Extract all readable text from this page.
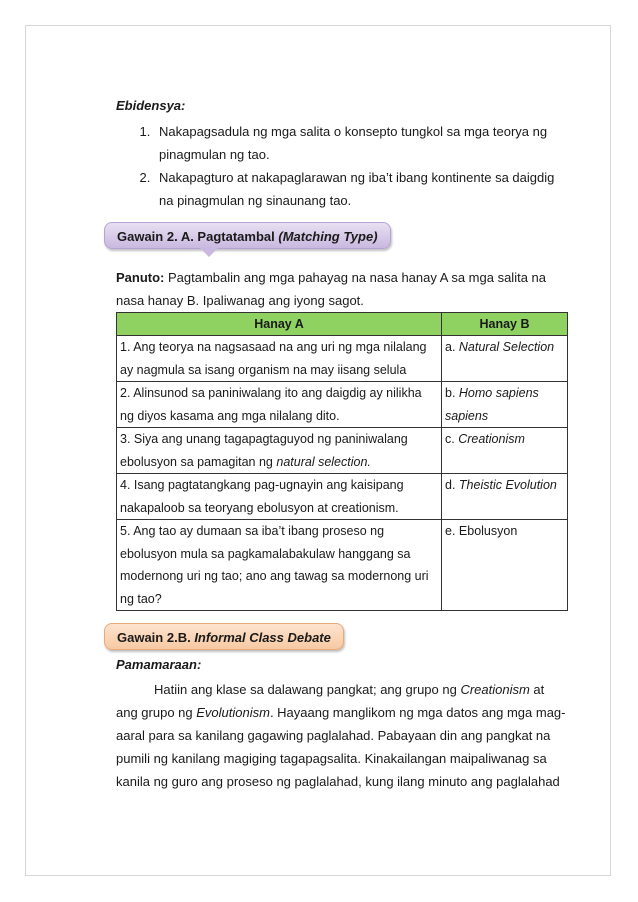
Ebidensya:

1. Nakapagsadula ng mga salita o konsepto tungkol sa mga teorya ng pinagmulan ng tao.
2. Nakapagturo at nakapaglarawan ng iba’t ibang kontinente sa daigdig na pinagmulan ng sinaunang tao.
Gawain 2. A. Pagtatambal (Matching Type)

Panuto: Pagtambalin ang mga pahayag na nasa hanay A sa mga salita na nasa hanay B. Ipaliwanag ang iyong sagot.

Hanay A	Hanay B
1. Ang teorya na nagsasaad na ang uri ng mga nilalang ay nagmula sa isang organism na may iisang selula	a. Natural Selection
2. Alinsunod sa paniniwalang ito ang daigdig ay nilikha ng diyos kasama ang mga nilalang dito.	b. Homo sapiens sapiens
3. Siya ang unang tagapagtaguyod ng paniniwalang ebolusyon sa pamagitan ng natural selection.	c. Creationism
4. Isang pagtatangkang pag-ugnayin ang kaisipang nakapaloob sa teoryang ebolusyon at creationism.	d. Theistic Evolution
5. Ang tao ay dumaan sa iba’t ibang proseso ng ebolusyon mula sa pagkamalabakulaw hanggang sa modernong uri ng tao; ano ang tawag sa modernong uri ng tao?	e. Ebolusyon
Gawain 2.B. Informal Class Debate

Pamamaraan:

Hatiin ang klase sa dalawang pangkat; ang grupo ng Creationism at ang grupo ng Evolutionism. Hayaang manglikom ng mga datos ang mga mag-aaral para sa kanilang gagawing paglalahad. Pabayaan din ang pangkat na pumili ng kanilang magiging tagapagsalita. Kinakailangan maipaliwanag sa kanila ng guro ang proseso ng paglalahad, kung ilang minuto ang paglalahad
